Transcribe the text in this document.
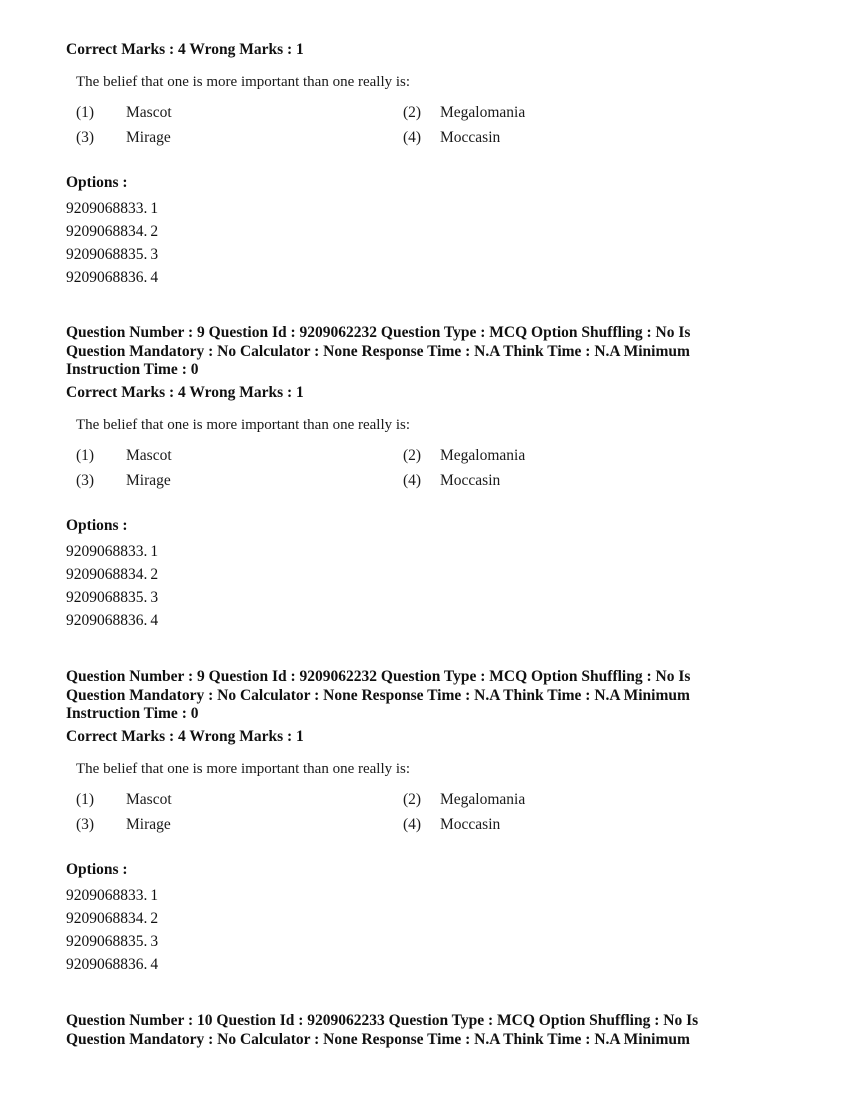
Correct Marks : 4 Wrong Marks : 1
The belief that one is more important than one really is:
(1)	Mascot	(2)	Megalomania
(3)	Mirage	(4)	Moccasin
Options :
9209068833. 1
9209068834. 2
9209068835. 3
9209068836. 4
Question Number : 9 Question Id : 9209062232 Question Type : MCQ Option Shuffling : No Is
Question Mandatory : No Calculator : None Response Time : N.A Think Time : N.A Minimum
Instruction Time : 0
Correct Marks : 4 Wrong Marks : 1
The belief that one is more important than one really is:
(1)	Mascot	(2)	Megalomania
(3)	Mirage	(4)	Moccasin
Options :
9209068833. 1
9209068834. 2
9209068835. 3
9209068836. 4
Question Number : 9 Question Id : 9209062232 Question Type : MCQ Option Shuffling : No Is
Question Mandatory : No Calculator : None Response Time : N.A Think Time : N.A Minimum
Instruction Time : 0
Correct Marks : 4 Wrong Marks : 1
The belief that one is more important than one really is:
(1)	Mascot	(2)	Megalomania
(3)	Mirage	(4)	Moccasin
Options :
9209068833. 1
9209068834. 2
9209068835. 3
9209068836. 4
Question Number : 10 Question Id : 9209062233 Question Type : MCQ Option Shuffling : No Is
Question Mandatory : No Calculator : None Response Time : N.A Think Time : N.A Minimum
